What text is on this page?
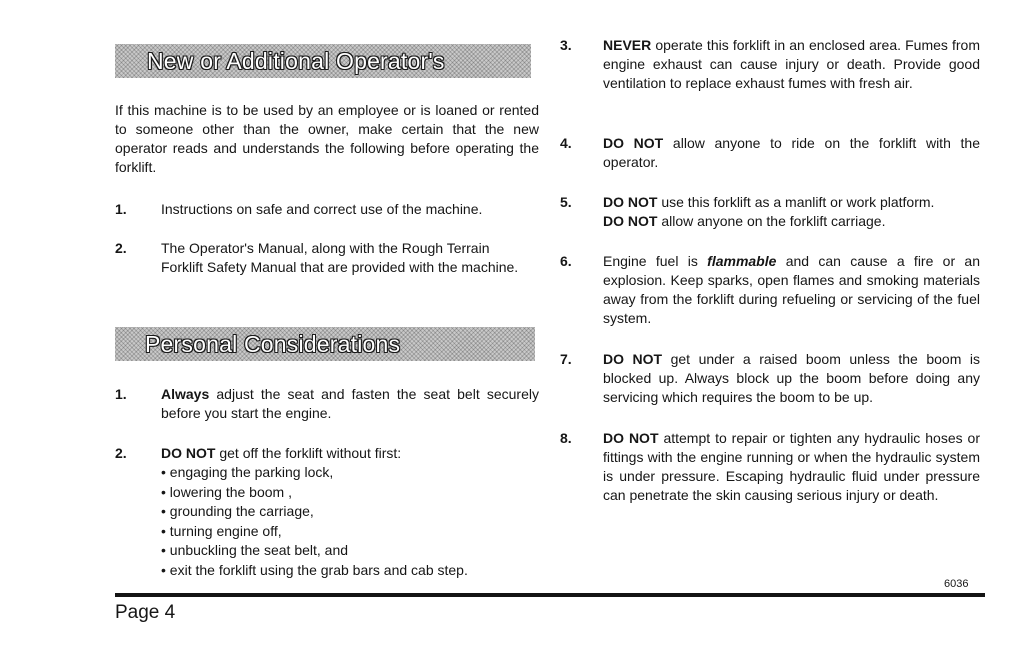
New or Additional Operator's
If this machine is to be used by an employee or is loaned or rented to someone other than the owner, make certain that the new operator reads and understands the following before operating the forklift.
1. Instructions on safe and correct use of the machine.
2. The Operator's Manual, along with the Rough Terrain Forklift Safety Manual that are provided with the machine.
Personal Considerations
1. Always adjust the seat and fasten the seat belt securely before you start the engine.
2. DO NOT get off the forklift without first:
• engaging the parking lock,
• lowering the boom ,
• grounding the carriage,
• turning engine off,
• unbuckling the seat belt, and
• exit the forklift using the grab bars and cab step.
3. NEVER operate this forklift in an enclosed area. Fumes from engine exhaust can cause injury or death. Provide good ventilation to replace exhaust fumes with fresh air.
4. DO NOT allow anyone to ride on the forklift with the operator.
5. DO NOT use this forklift as a manlift or work platform.
DO NOT allow anyone on the forklift carriage.
6. Engine fuel is flammable and can cause a fire or an explosion. Keep sparks, open flames and smoking materials away from the forklift during refueling or servicing of the fuel system.
7. DO NOT get under a raised boom unless the boom is blocked up. Always block up the boom before doing any servicing which requires the boom to be up.
8. DO NOT attempt to repair or tighten any hydraulic hoses or fittings with the engine running or when the hydraulic system is under pressure. Escaping hydraulic fluid under pressure can penetrate the skin causing serious injury or death.
6036
Page 4
